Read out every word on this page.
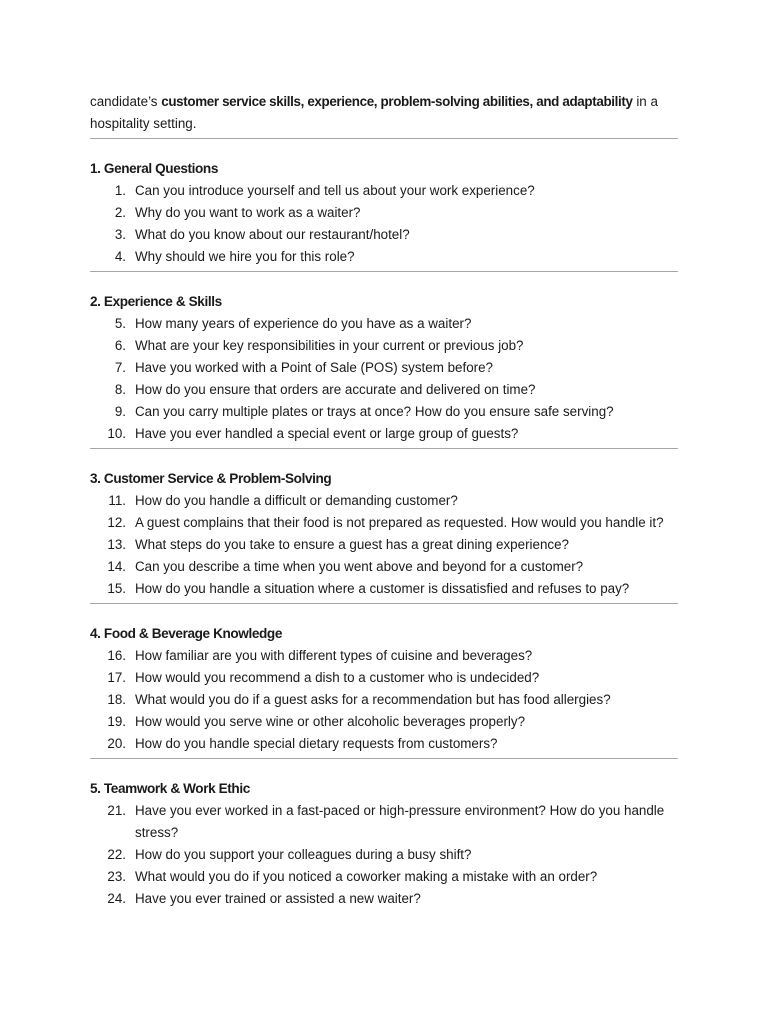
candidate’s customer service skills, experience, problem-solving abilities, and adaptability in a hospitality setting.

1. General Questions
1. Can you introduce yourself and tell us about your work experience?
2. Why do you want to work as a waiter?
3. What do you know about our restaurant/hotel?
4. Why should we hire you for this role?
2. Experience & Skills
5. How many years of experience do you have as a waiter?
6. What are your key responsibilities in your current or previous job?
7. Have you worked with a Point of Sale (POS) system before?
8. How do you ensure that orders are accurate and delivered on time?
9. Can you carry multiple plates or trays at once? How do you ensure safe serving?
10. Have you ever handled a special event or large group of guests?
3. Customer Service & Problem-Solving
11. How do you handle a difficult or demanding customer?
12. A guest complains that their food is not prepared as requested. How would you handle it?
13. What steps do you take to ensure a guest has a great dining experience?
14. Can you describe a time when you went above and beyond for a customer?
15. How do you handle a situation where a customer is dissatisfied and refuses to pay?
4. Food & Beverage Knowledge
16. How familiar are you with different types of cuisine and beverages?
17. How would you recommend a dish to a customer who is undecided?
18. What would you do if a guest asks for a recommendation but has food allergies?
19. How would you serve wine or other alcoholic beverages properly?
20. How do you handle special dietary requests from customers?
5. Teamwork & Work Ethic
21. Have you ever worked in a fast-paced or high-pressure environment? How do you handle stress?
22. How do you support your colleagues during a busy shift?
23. What would you do if you noticed a coworker making a mistake with an order?
24. Have you ever trained or assisted a new waiter?
